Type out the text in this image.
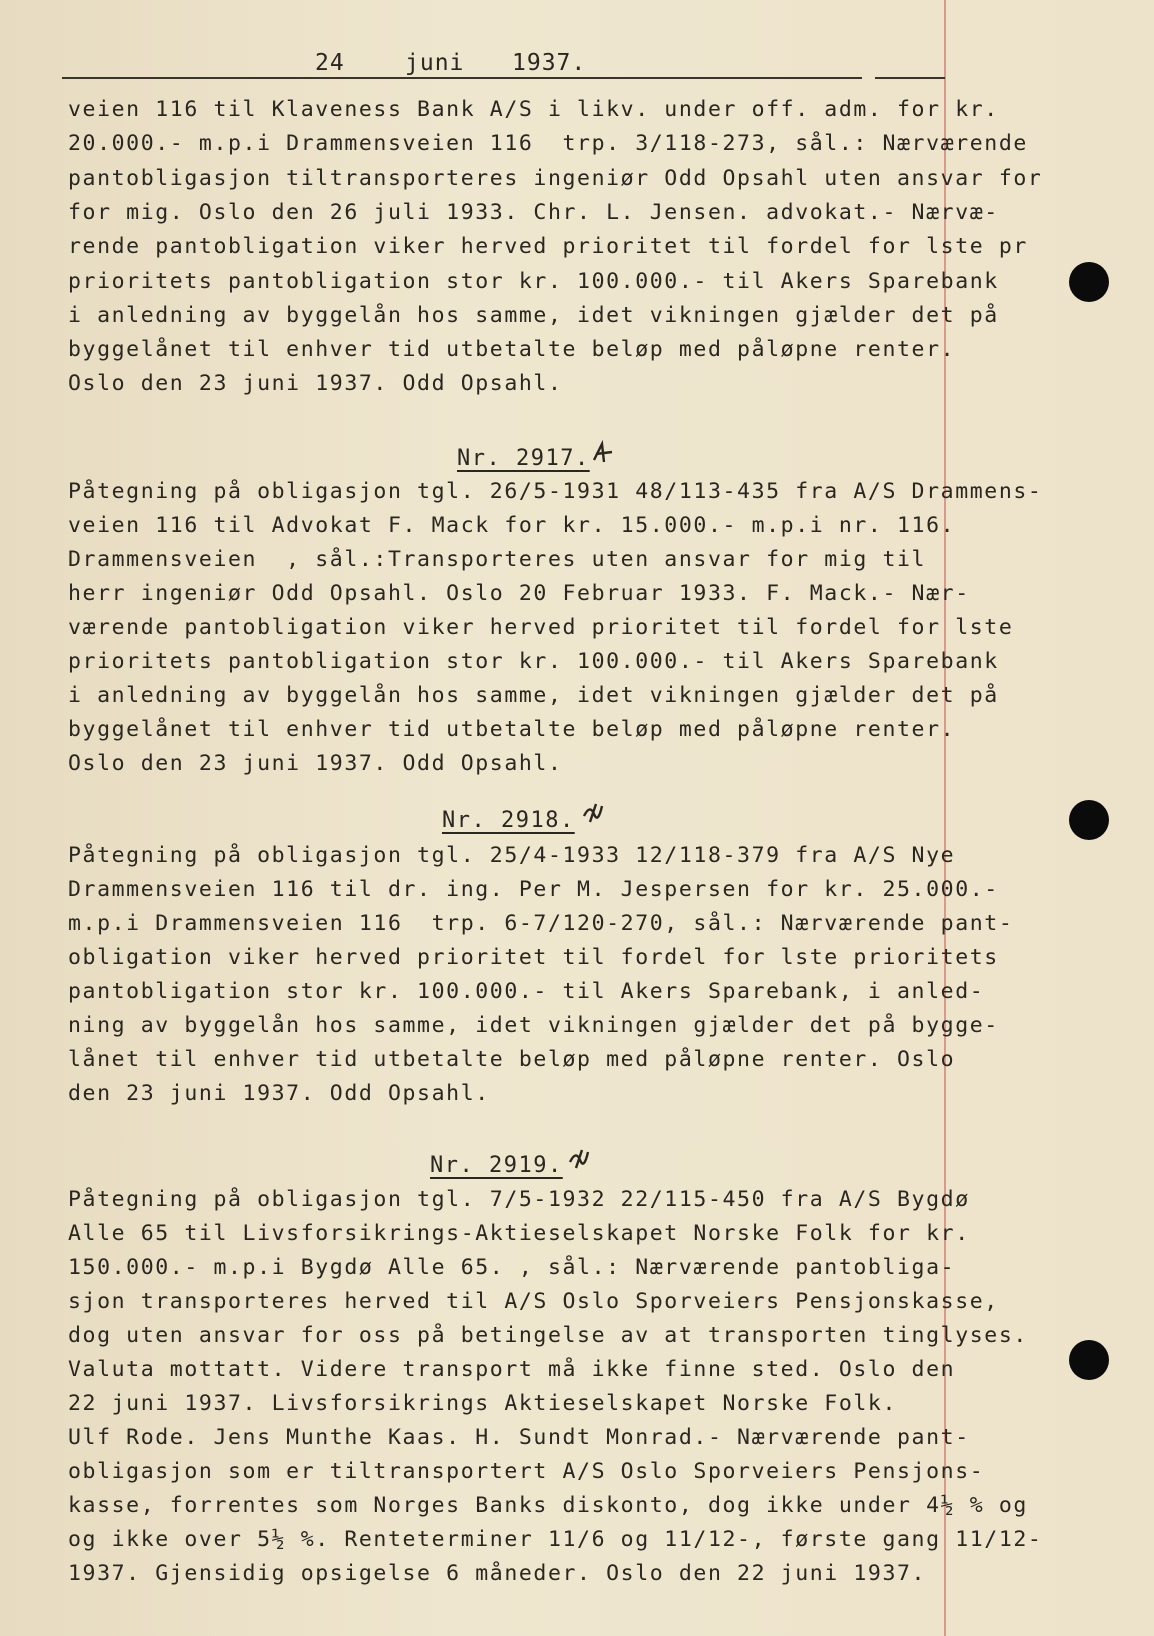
24	juni 1937.
veien 116 til Klaveness Bank A/S i likv. under off. adm. for kr.
20.000.- m.p.i Drammensveien 116  trp. 3/118-273, sål.: Nærværende
pantobligasjon tiltransporteres ingeniør Odd Opsahl uten ansvar for
for mig. Oslo den 26 juli 1933. Chr. L. Jensen. advokat.- Nærvæ-
rende pantobligation viker herved prioritet til fordel for lste pr
prioritets pantobligation stor kr. 100.000.- til Akers Sparebank
i anledning av byggelån hos samme, idet vikningen gjælder det på
byggelånet til enhver tid utbetalte beløp med påløpne renter.
Oslo den 23 juni 1937. Odd Opsahl.
Nr. 2917.
Påtegning på obligasjon tgl. 26/5-1931 48/113-435 fra A/S Drammens-
veien 116 til Advokat F. Mack for kr. 15.000.- m.p.i nr. 116.
Drammensveien  , sål.:Transporteres uten ansvar for mig til
herr ingeniør Odd Opsahl. Oslo 20 Februar 1933. F. Mack.- Nær-
værende pantobligation viker herved prioritet til fordel for lste
prioritets pantobligation stor kr. 100.000.- til Akers Sparebank
i anledning av byggelån hos samme, idet vikningen gjælder det på
byggelånet til enhver tid utbetalte beløp med påløpne renter.
Oslo den 23 juni 1937. Odd Opsahl.
Nr. 2918.
Påtegning på obligasjon tgl. 25/4-1933 12/118-379 fra A/S Nye
Drammensveien 116 til dr. ing. Per M. Jespersen for kr. 25.000.-
m.p.i Drammensveien 116  trp. 6-7/120-270, sål.: Nærværende pant-
obligation viker herved prioritet til fordel for lste prioritets
pantobligation stor kr. 100.000.- til Akers Sparebank, i anled-
ning av byggelån hos samme, idet vikningen gjælder det på bygge-
lånet til enhver tid utbetalte beløp med påløpne renter. Oslo
den 23 juni 1937. Odd Opsahl.
Nr. 2919.
Påtegning på obligasjon tgl. 7/5-1932 22/115-450 fra A/S Bygdø
Alle 65 til Livsforsikrings-Aktieselskapet Norske Folk for kr.
150.000.- m.p.i Bygdø Alle 65. , sål.: Nærværende pantobliga-
sjon transporteres herved til A/S Oslo Sporveiers Pensjonskasse,
dog uten ansvar for oss på betingelse av at transporten tinglyses.
Valuta mottatt. Videre transport må ikke finne sted. Oslo den
22 juni 1937. Livsforsikrings Aktieselskapet Norske Folk.
Ulf Rode. Jens Munthe Kaas. H. Sundt Monrad.- Nærværende pant-
obligasjon som er tiltransportert A/S Oslo Sporveiers Pensjons-
kasse, forrentes som Norges Banks diskonto, dog ikke under 4½ % og
og ikke over 5½ %. Renteterminer 11/6 og 11/12-, første gang 11/12-
1937. Gjensidig opsigelse 6 måneder. Oslo den 22 juni 1937.
